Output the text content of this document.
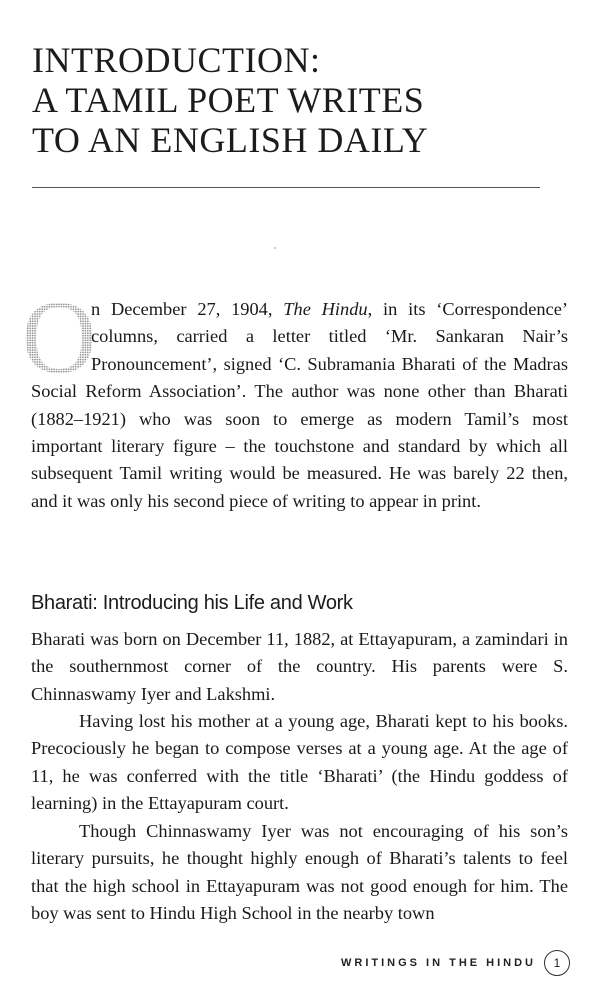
INTRODUCTION:
A TAMIL POET WRITES
TO AN ENGLISH DAILY

O
n December 27, 1904, The Hindu, in its ‘Correspondence’ columns, carried a letter titled ‘Mr. Sankaran Nair’s Pronouncement’, signed ‘C. Subramania Bharati of the Madras Social Reform Association’. The author was none other than Bharati (1882–1921) who was soon to emerge as modern Tamil’s most important literary figure – the touchstone and standard by which all subsequent Tamil writing would be measured. He was barely 22 then, and it was only his second piece of writing to appear in print.

Bharati: Introducing his Life and Work

Bharati was born on December 11, 1882, at Ettayapuram, a zamindari in the southernmost corner of the country. His parents were S. Chinnaswamy Iyer and Lakshmi.

Having lost his mother at a young age, Bharati kept to his books. Precociously he began to compose verses at a young age. At the age of 11, he was conferred with the title ‘Bharati’ (the Hindu goddess of learning) in the Ettayapuram court.

Though Chinnaswamy Iyer was not encouraging of his son’s literary pursuits, he thought highly enough of Bharati’s talents to feel that the high school in Ettayapuram was not good enough for him. The boy was sent to Hindu High School in the nearby town

WRITINGS IN THE HINDU	1
